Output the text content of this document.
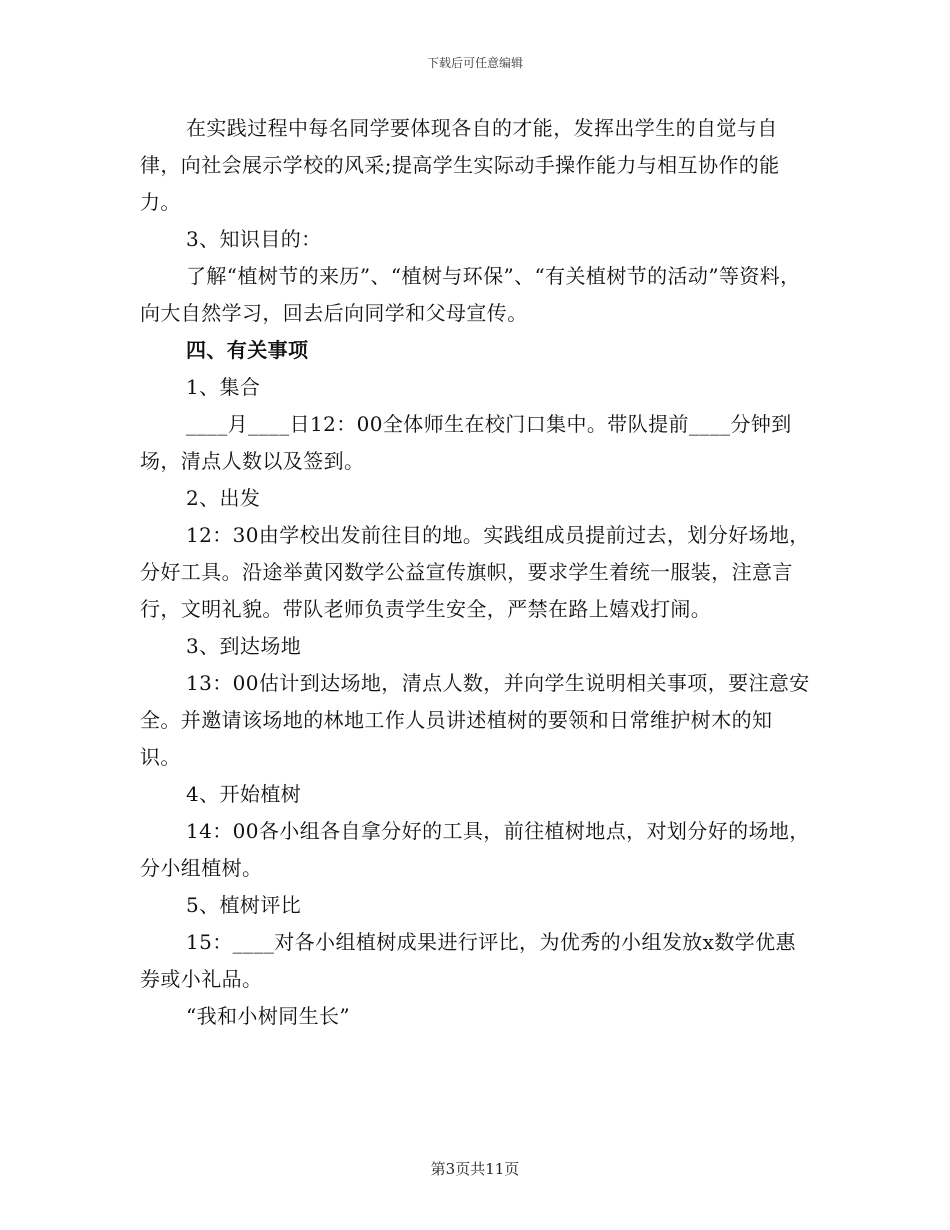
下载后可任意编辑

在实践过程中每名同学要体现各自的才能，发挥出学生的自觉与自律，向社会展示学校的风采;提高学生实际动手操作能力与相互协作的能力。

3、知识目的：

了解“植树节的来历”、“植树与环保”、“有关植树节的活动”等资料，向大自然学习，回去后向同学和父母宣传。

四、有关事项

1、集合

____月____日12：00全体师生在校门口集中。带队提前____分钟到场，清点人数以及签到。

2、出发

12：30由学校出发前往目的地。实践组成员提前过去，划分好场地，分好工具。沿途举黄冈数学公益宣传旗帜，要求学生着统一服装，注意言行，文明礼貌。带队老师负责学生安全，严禁在路上嬉戏打闹。

3、到达场地

13：00估计到达场地，清点人数，并向学生说明相关事项，要注意安全。并邀请该场地的林地工作人员讲述植树的要领和日常维护树木的知识。

4、开始植树

14：00各小组各自拿分好的工具，前往植树地点，对划分好的场地，分小组植树。

5、植树评比

15：____对各小组植树成果进行评比，为优秀的小组发放x数学优惠券或小礼品。

“我和小树同生长”

第3页共11页
